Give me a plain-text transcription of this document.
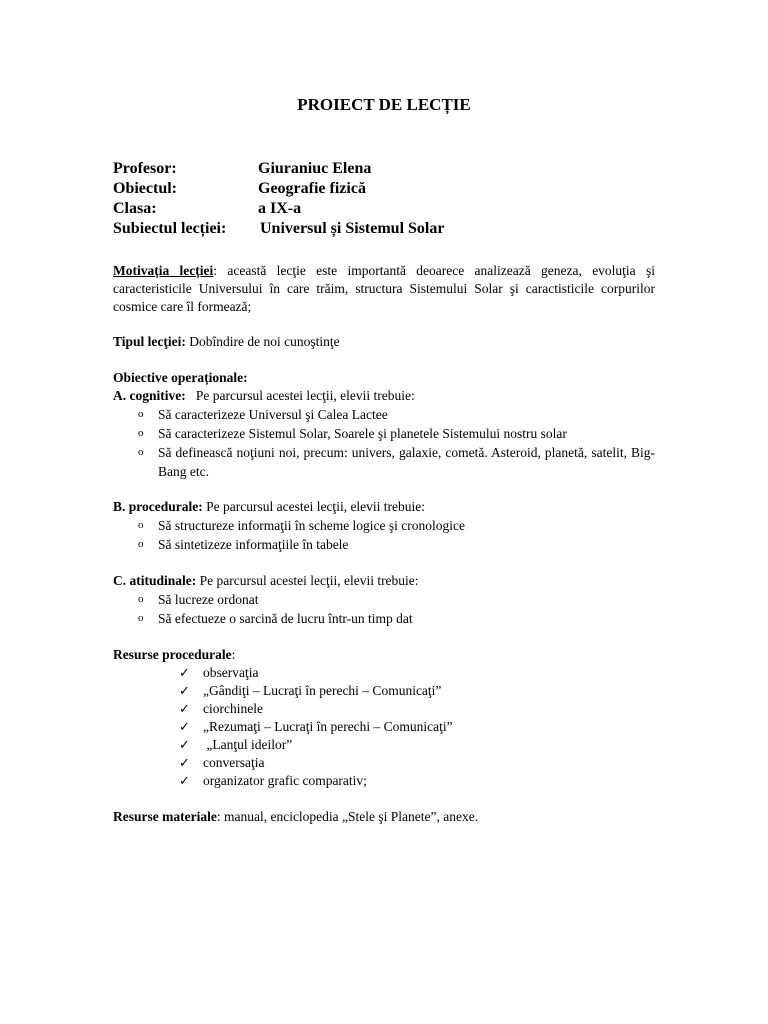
PROIECT DE LECȚIE
Profesor:	Giuraniuc Elena
Obiectul:	Geografie fizică
Clasa:	a IX-a
Subiectul lecției: Universul și Sistemul Solar
Motivația lecției: această lecţie este importantă deoarece analizează geneza, evoluţia şi caracteristicile Universului în care trăim, structura Sistemului Solar şi caractisticile corpurilor cosmice care îl formează;
Tipul lecţiei: Dobîndire de noi cunoştinţe
Obiective operaționale:
A. cognitive:   Pe parcursul acestei lecţii, elevii trebuie:
o Să caracterizeze Universul şi Calea Lactee
o Să caracterizeze Sistemul Solar, Soarele şi planetele Sistemului nostru solar
o Să definească noţiuni noi, precum: univers, galaxie, cometă. Asteroid, planetă, satelit, Big-Bang etc.
B. procedurale: Pe parcursul acestei lecţii, elevii trebuie:
o Să structureze informaţii în scheme logice şi cronologice
o Să sintetizeze informaţiile în tabele
C. atitudinale: Pe parcursul acestei lecţii, elevii trebuie:
o Să lucreze ordonat
o Să efectueze o sarcină de lucru într-un timp dat
Resurse procedurale:
✓ observaţia
✓ „Gândiţi – Lucraţi în perechi – Comunicaţi”
✓ ciorchinele
✓ „Rezumaţi – Lucraţi în perechi – Comunicaţi”
✓ „Lanţul ideilor”
✓ conversaţia
✓ organizator grafic comparativ;
Resurse materiale: manual, enciclopedia „Stele şi Planete”, anexe.
